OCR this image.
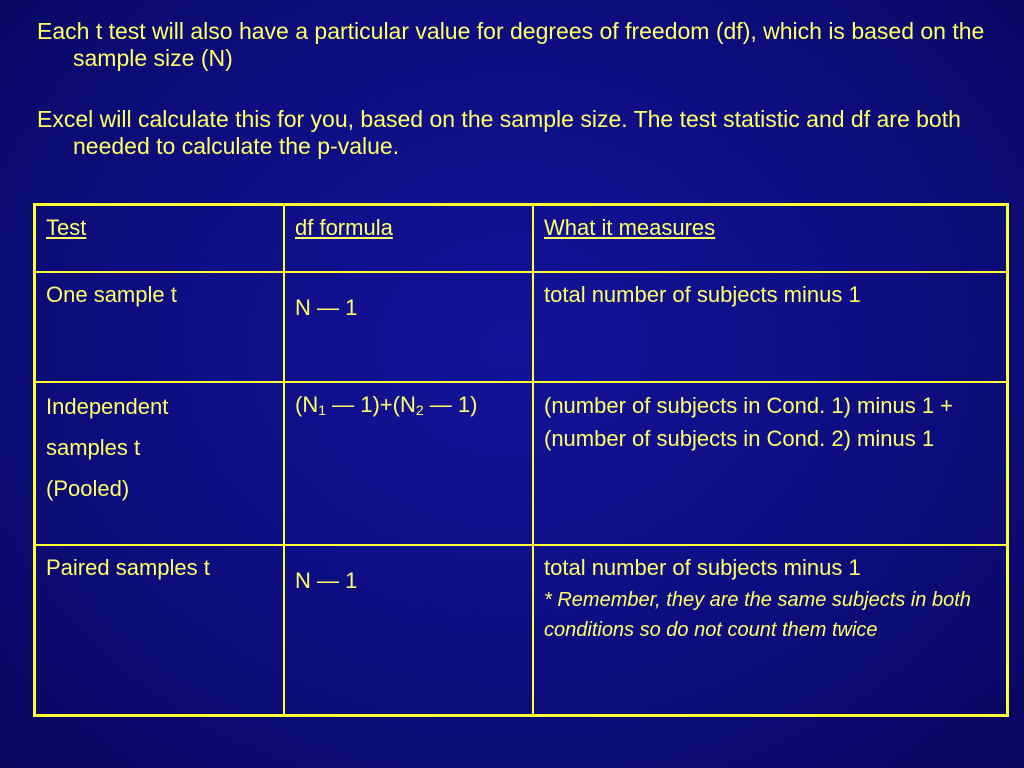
Each t test will also have a particular value for degrees of freedom (df), which is based on the sample size (N)

Excel will calculate this for you, based on the sample size. The test statistic and df are both needed to calculate the p-value.

Test	df formula	What it measures
One sample t	N — 1	total number of subjects minus 1

Independent
samples t
(Pooled)	($N_1$ — $1)+(N_2$ — 1)	(number of subjects in Cond. 1) minus 1 + (number of subjects in Cond. 2) minus 1
Paired samples t	N — 1	total number of subjects minus 1
* Remember, they are the same subjects in both conditions so do not count them twice
